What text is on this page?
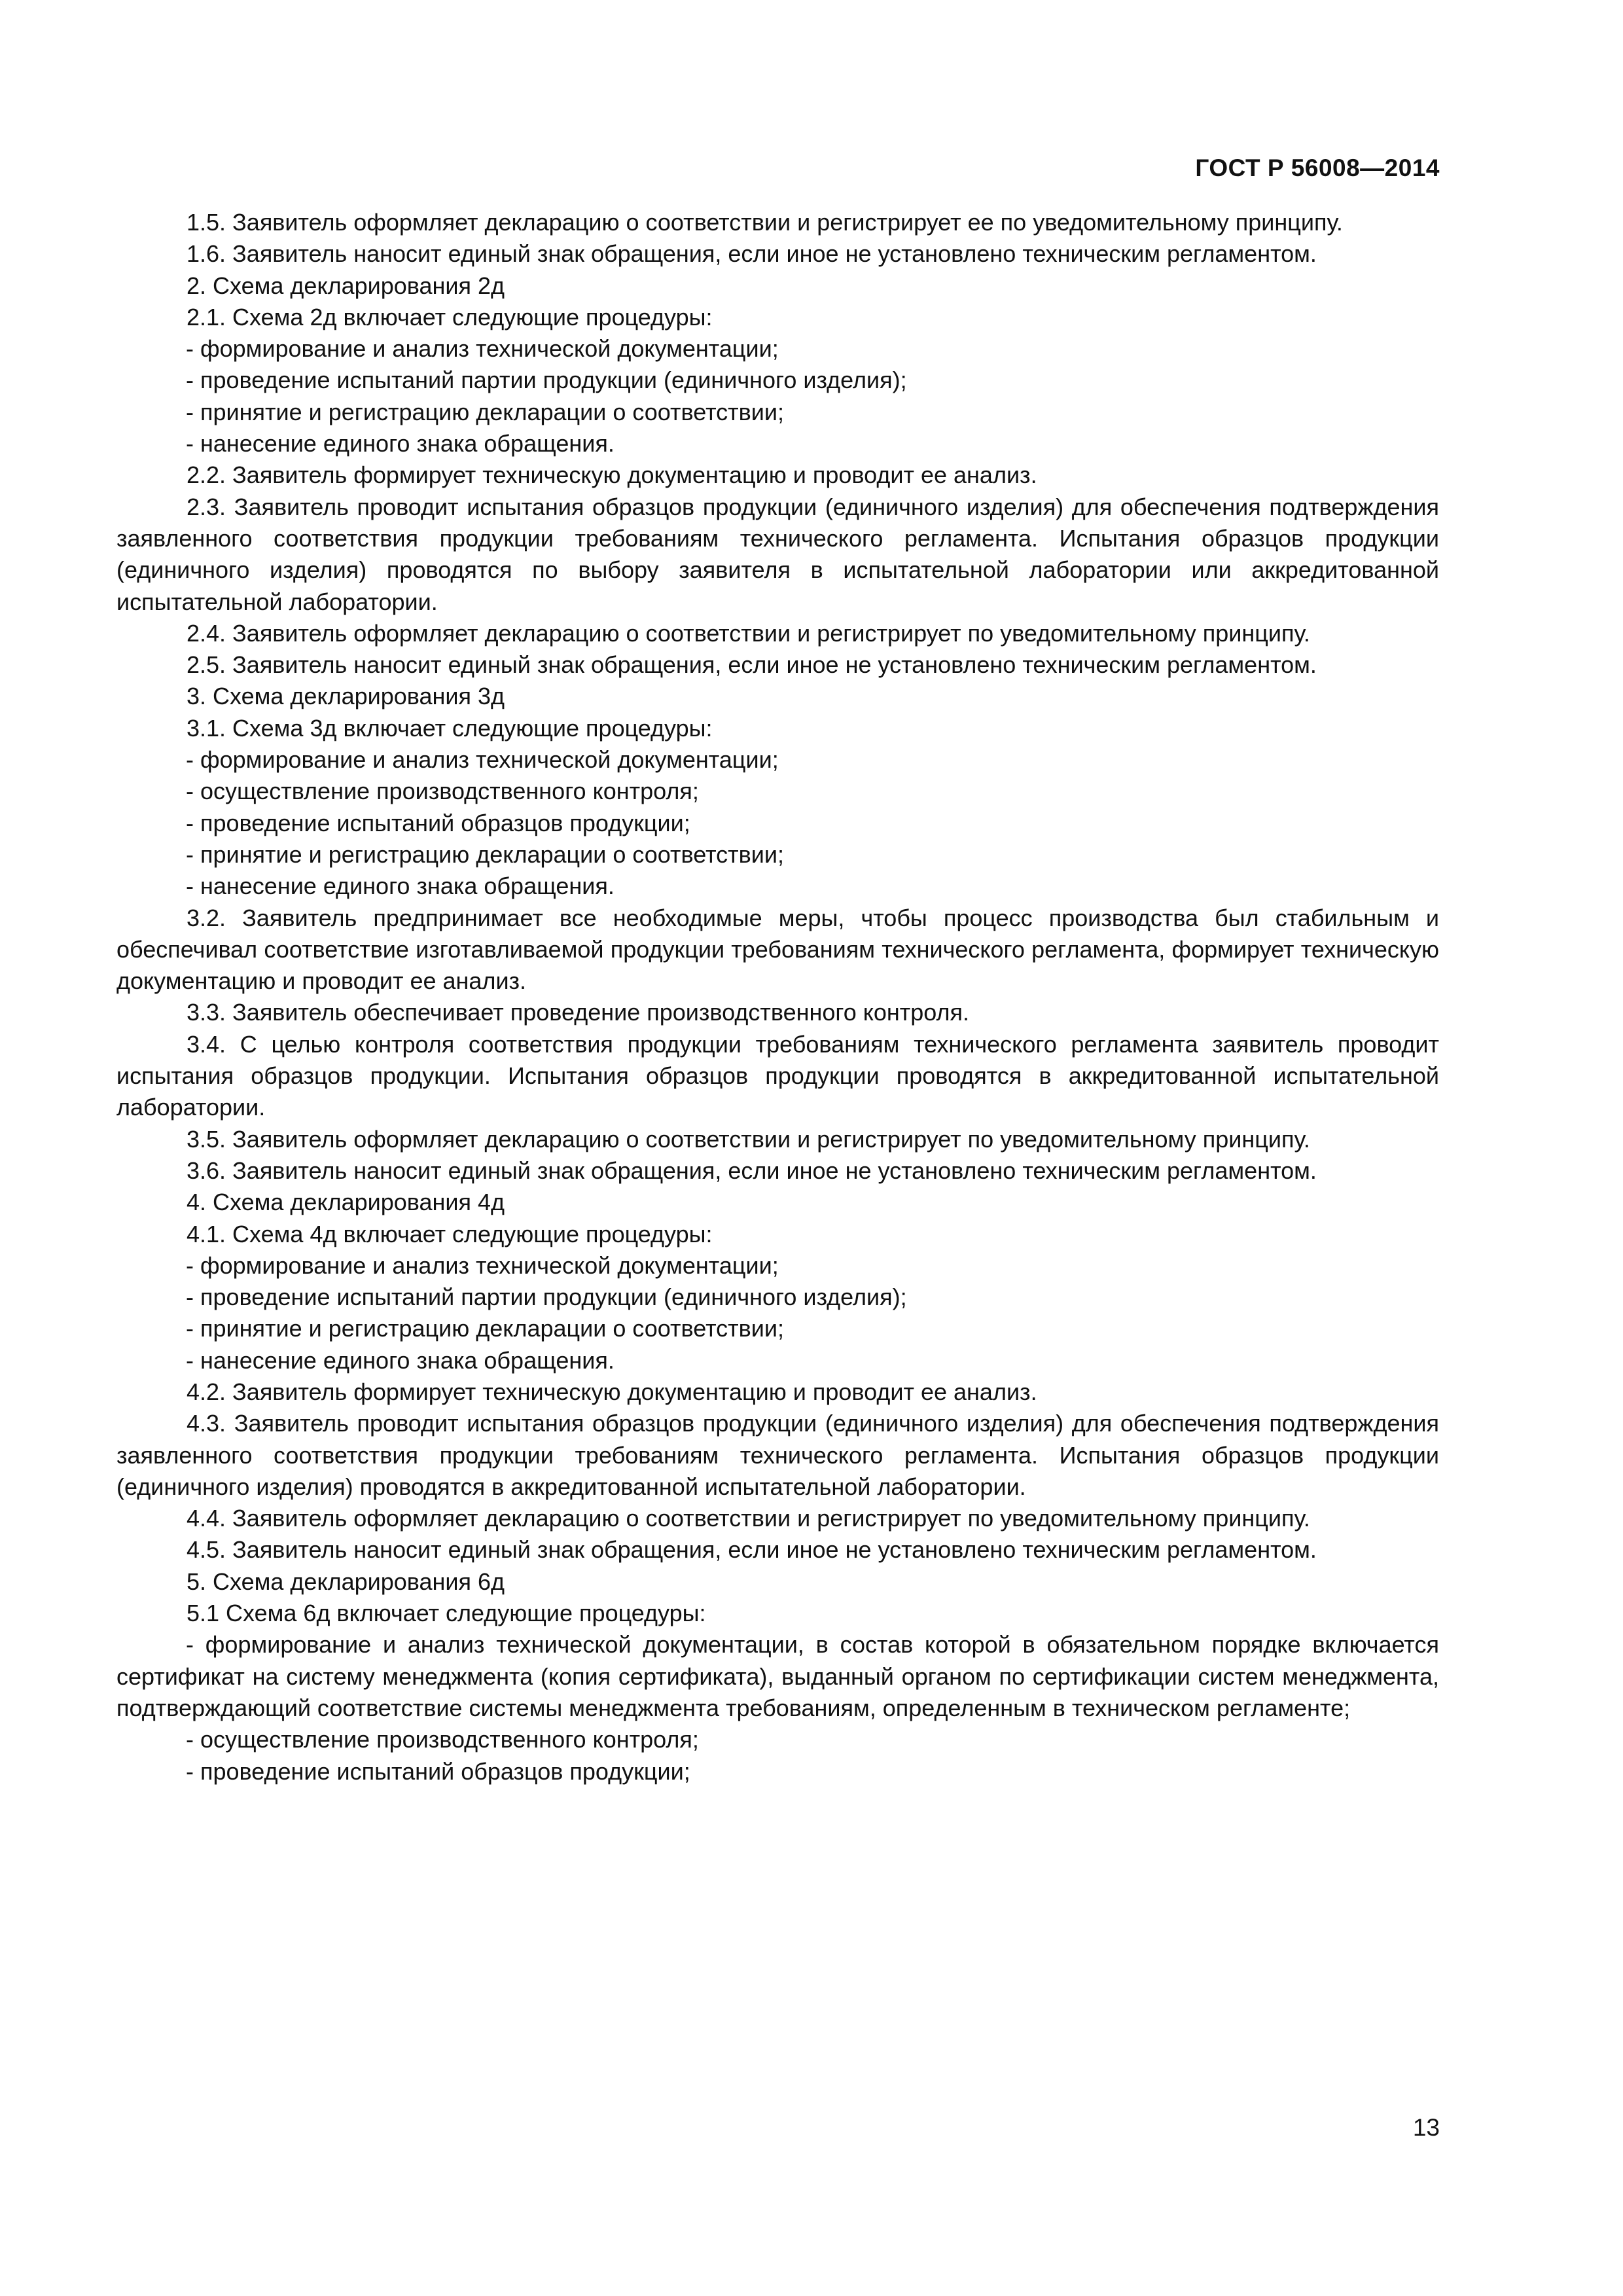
ГОСТ Р 56008—2014

1.5. Заявитель оформляет декларацию о соответствии и регистрирует ее по уведомительному принципу.

1.6. Заявитель наносит единый знак обращения, если иное не установлено техническим регламентом.

2. Схема декларирования 2д

2.1. Схема 2д включает следующие процедуры:

- формирование и анализ технической документации;

- проведение испытаний партии продукции (единичного изделия);

- принятие и регистрацию декларации о соответствии;

- нанесение единого знака обращения.

2.2. Заявитель формирует техническую документацию и проводит ее анализ.

2.3. Заявитель проводит испытания образцов продукции (единичного изделия) для обеспечения подтверждения заявленного соответствия продукции требованиям технического регламента. Испытания образцов продукции (единичного изделия) проводятся по выбору заявителя в испытательной лаборатории или аккредитованной испытательной лаборатории.

2.4. Заявитель оформляет декларацию о соответствии и регистрирует по уведомительному принципу.

2.5. Заявитель наносит единый знак обращения, если иное не установлено техническим регламентом.

3. Схема декларирования 3д

3.1. Схема 3д включает следующие процедуры:

- формирование и анализ технической документации;

- осуществление производственного контроля;

- проведение испытаний образцов продукции;

- принятие и регистрацию декларации о соответствии;

- нанесение единого знака обращения.

3.2. Заявитель предпринимает все необходимые меры, чтобы процесс производства был стабильным и обеспечивал соответствие изготавливаемой продукции требованиям технического регламента, формирует техническую документацию и проводит ее анализ.

3.3. Заявитель обеспечивает проведение производственного контроля.

3.4. С целью контроля соответствия продукции требованиям технического регламента заявитель проводит испытания образцов продукции. Испытания образцов продукции проводятся в аккредитованной испытательной лаборатории.

3.5. Заявитель оформляет декларацию о соответствии и регистрирует по уведомительному принципу.

3.6. Заявитель наносит единый знак обращения, если иное не установлено техническим регламентом.

4. Схема декларирования 4д

4.1. Схема 4д включает следующие процедуры:

- формирование и анализ технической документации;

- проведение испытаний партии продукции (единичного изделия);

- принятие и регистрацию декларации о соответствии;

- нанесение единого знака обращения.

4.2. Заявитель формирует техническую документацию и проводит ее анализ.

4.3. Заявитель проводит испытания образцов продукции (единичного изделия) для обеспечения подтверждения заявленного соответствия продукции требованиям технического регламента. Испытания образцов продукции (единичного изделия) проводятся в аккредитованной испытательной лаборатории.

4.4. Заявитель оформляет декларацию о соответствии и регистрирует по уведомительному принципу.

4.5. Заявитель наносит единый знак обращения, если иное не установлено техническим регламентом.

5. Схема декларирования 6д

5.1 Схема 6д включает следующие процедуры:

- формирование и анализ технической документации, в состав которой в обязательном порядке включается сертификат на систему менеджмента (копия сертификата), выданный органом по сертификации систем менеджмента, подтверждающий соответствие системы менеджмента требованиям, определенным в техническом регламенте;

- осуществление производственного контроля;

- проведение испытаний образцов продукции;

13
